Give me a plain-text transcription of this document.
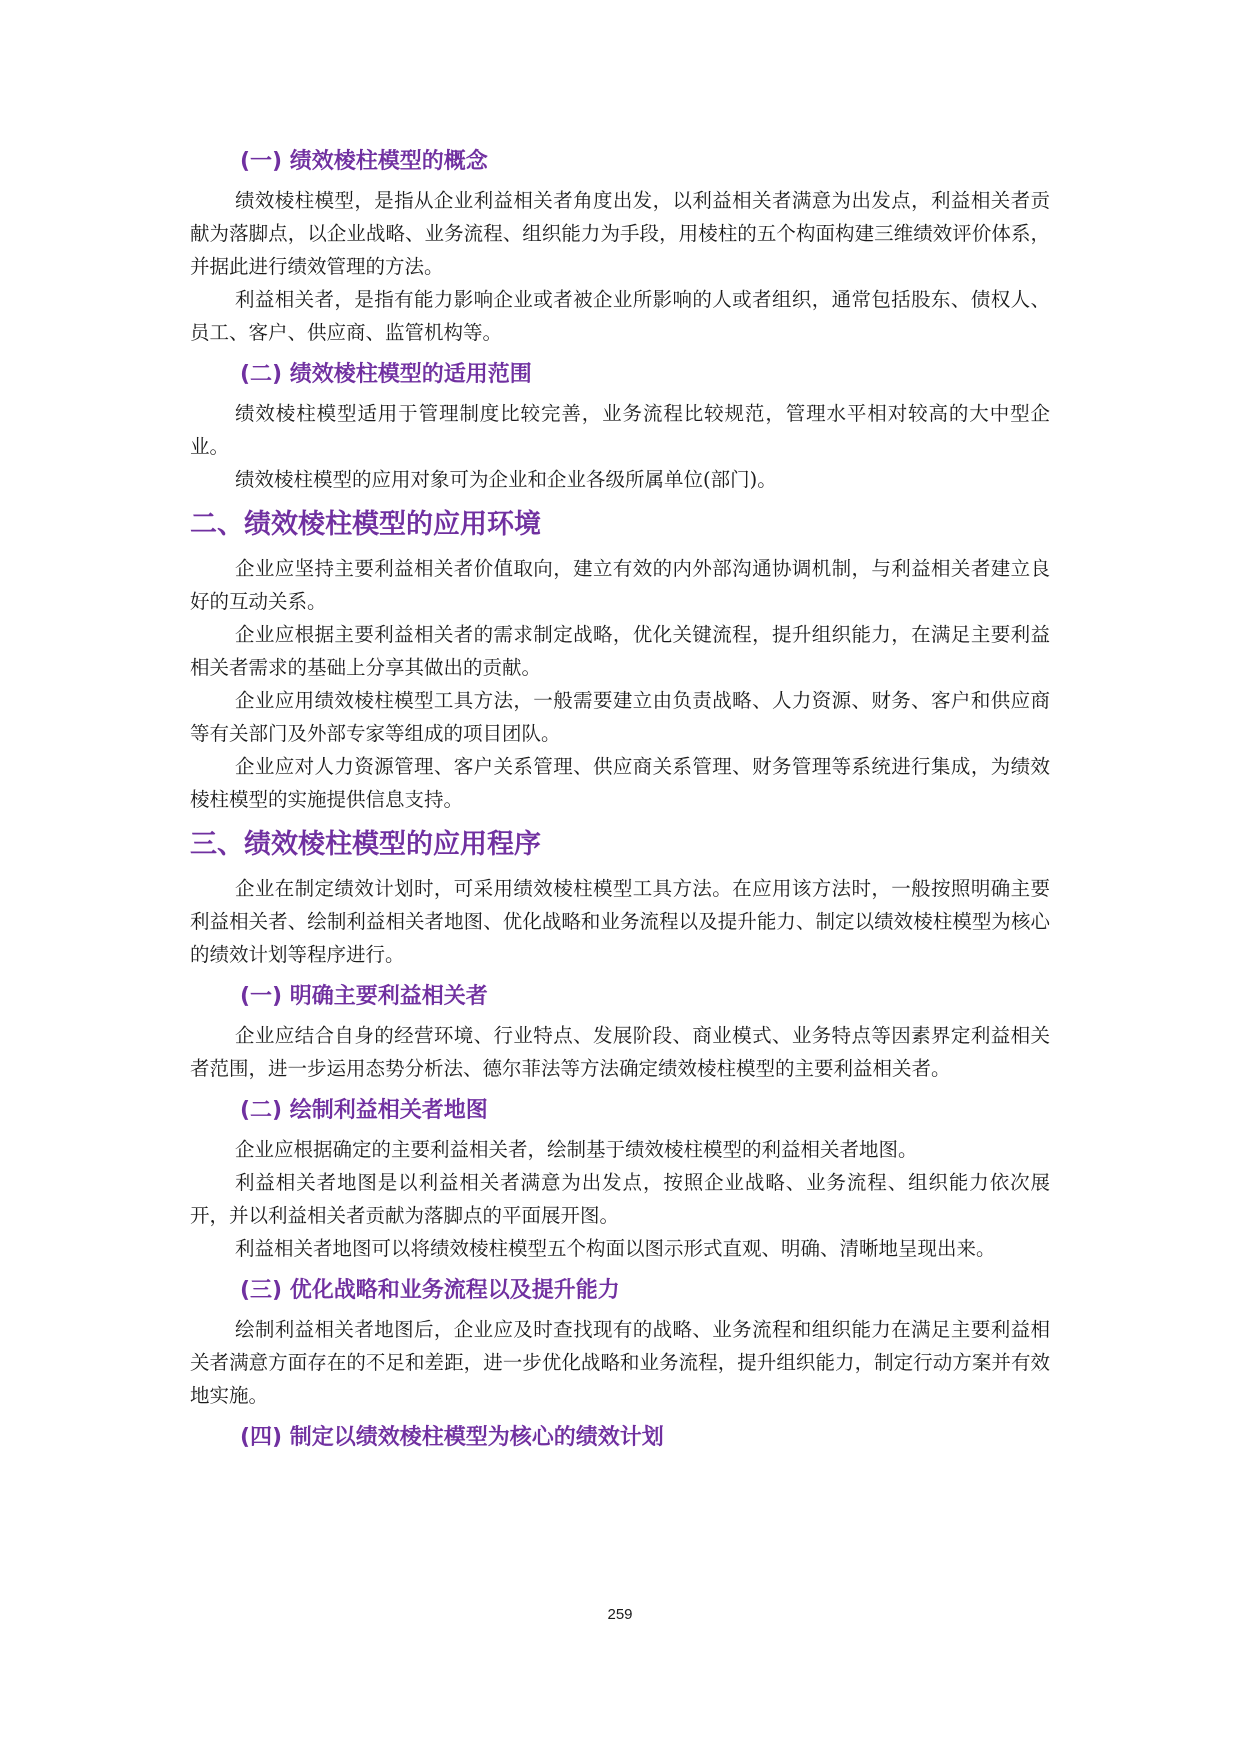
(一) 绩效棱柱模型的概念

绩效棱柱模型，是指从企业利益相关者角度出发，以利益相关者满意为出发点，利益相关者贡献为落脚点，以企业战略、业务流程、组织能力为手段，用棱柱的五个构面构建三维绩效评价体系，并据此进行绩效管理的方法。

利益相关者，是指有能力影响企业或者被企业所影响的人或者组织，通常包括股东、债权人、员工、客户、供应商、监管机构等。

(二) 绩效棱柱模型的适用范围

绩效棱柱模型适用于管理制度比较完善，业务流程比较规范，管理水平相对较高的大中型企业。

绩效棱柱模型的应用对象可为企业和企业各级所属单位(部门)。

二、绩效棱柱模型的应用环境

企业应坚持主要利益相关者价值取向，建立有效的内外部沟通协调机制，与利益相关者建立良好的互动关系。

企业应根据主要利益相关者的需求制定战略，优化关键流程，提升组织能力，在满足主要利益相关者需求的基础上分享其做出的贡献。

企业应用绩效棱柱模型工具方法，一般需要建立由负责战略、人力资源、财务、客户和供应商等有关部门及外部专家等组成的项目团队。

企业应对人力资源管理、客户关系管理、供应商关系管理、财务管理等系统进行集成，为绩效棱柱模型的实施提供信息支持。

三、绩效棱柱模型的应用程序

企业在制定绩效计划时，可采用绩效棱柱模型工具方法。在应用该方法时，一般按照明确主要利益相关者、绘制利益相关者地图、优化战略和业务流程以及提升能力、制定以绩效棱柱模型为核心的绩效计划等程序进行。

(一) 明确主要利益相关者

企业应结合自身的经营环境、行业特点、发展阶段、商业模式、业务特点等因素界定利益相关者范围，进一步运用态势分析法、德尔菲法等方法确定绩效棱柱模型的主要利益相关者。

(二) 绘制利益相关者地图

企业应根据确定的主要利益相关者，绘制基于绩效棱柱模型的利益相关者地图。

利益相关者地图是以利益相关者满意为出发点，按照企业战略、业务流程、组织能力依次展开，并以利益相关者贡献为落脚点的平面展开图。

利益相关者地图可以将绩效棱柱模型五个构面以图示形式直观、明确、清晰地呈现出来。

(三) 优化战略和业务流程以及提升能力

绘制利益相关者地图后，企业应及时查找现有的战略、业务流程和组织能力在满足主要利益相关者满意方面存在的不足和差距，进一步优化战略和业务流程，提升组织能力，制定行动方案并有效地实施。

(四) 制定以绩效棱柱模型为核心的绩效计划
259
